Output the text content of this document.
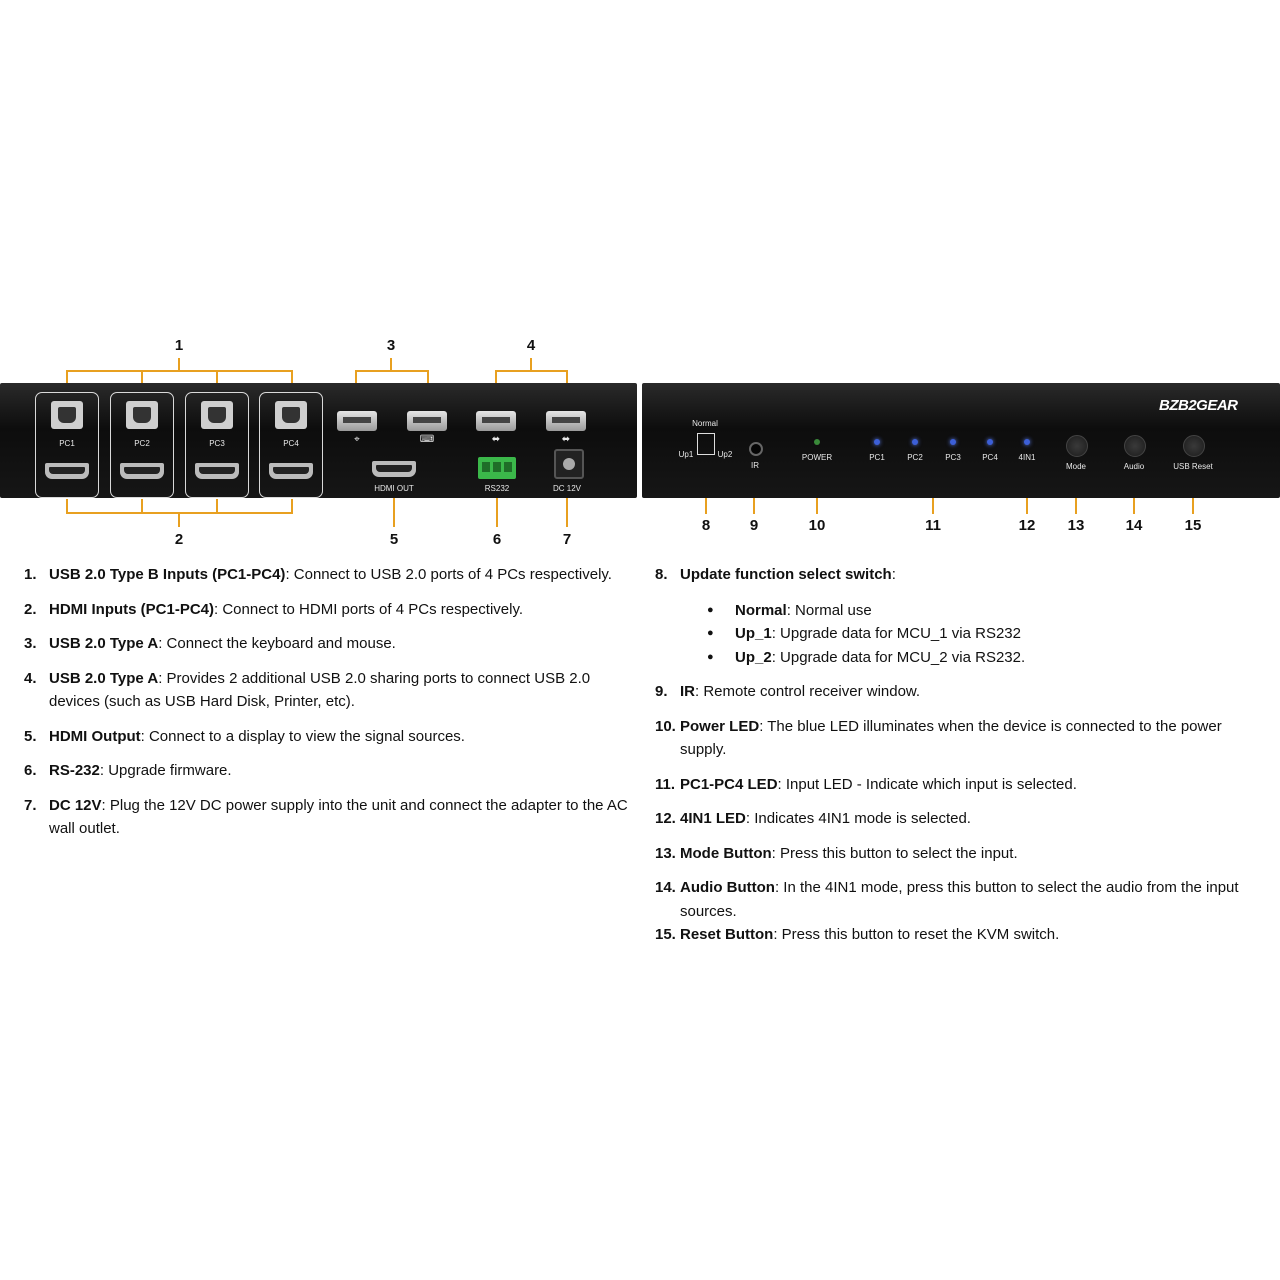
1
2
3	4
5	6	7
8	9	10	11	12 13	14	15
PC1	PC2	PC3	PC4	⌖	⌨	⬌	⬌
HDMI OUT	RS232	DC 12V
BZB2GEAR
Normal
Up1	Up2
IR
POWER	PC1	PC2	PC3	PC4	4IN1
Mode	Audio	USB Reset

1. USB 2.0 Type B Inputs (PC1-PC4): Connect to USB 2.0 ports of 4 PCs respectively.

2. HDMI Inputs (PC1-PC4): Connect to HDMI ports of 4 PCs respectively.

3. USB 2.0 Type A: Connect the keyboard and mouse.

4. USB 2.0 Type A: Provides 2 additional USB 2.0 sharing ports to connect USB 2.0 devices (such as USB Hard Disk, Printer, etc).

5. HDMI Output: Connect to a display to view the signal sources.

6. RS-232: Upgrade firmware.

7. DC 12V: Plug the 12V DC power supply into the unit and connect the adapter to the AC wall outlet.

8. Update function select switch:

● Normal: Normal use
● Up_1: Upgrade data for MCU_1 via RS232
● Up_2: Upgrade data for MCU_2 via RS232.

9. IR: Remote control receiver window.

10. Power LED: The blue LED illuminates when the device is connected to the power supply.

11. PC1-PC4 LED: Input LED - Indicate which input is selected.

12. 4IN1 LED: Indicates 4IN1 mode is selected.

13. Mode Button: Press this button to select the input.

14. Audio Button: In the 4IN1 mode, press this button to select the audio from the input sources.

15. Reset Button: Press this button to reset the KVM switch.
